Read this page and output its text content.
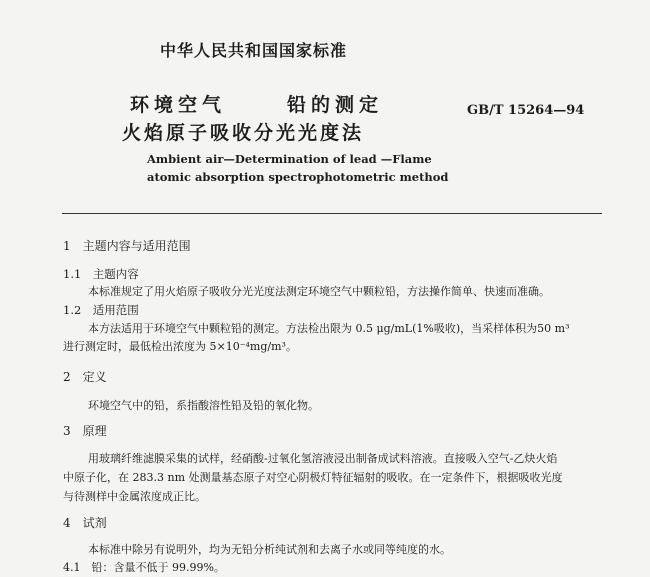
中华人民共和国国家标准
环境空气	铅的测定
火焰原子吸收分光光度法
GB/T 15264—94
Ambient air—Determination of lead —Flame
atomic absorption spectrophotometric method
1　主题内容与适用范围
1.1　主题内容
本标准规定了用火焰原子吸收分光光度法测定环境空气中颗粒铅，方法操作简单、快速而准确。
1.2　适用范围
本方法适用于环境空气中颗粒铅的测定。方法检出限为 0.5 μg/mL(1%吸收)，当采样体积为50 m³
进行测定时，最低检出浓度为 5×10⁻⁴mg/m³。
2　定义
环境空气中的铅，系指酸溶性铅及铅的氧化物。
3　原理
用玻璃纤维滤膜采集的试样，经硝酸-过氧化氢溶液浸出制备成试料溶液。直接吸入空气-乙炔火焰
中原子化，在 283.3 nm 处测量基态原子对空心阴极灯特征辐射的吸收。在一定条件下，根据吸收光度
与待测样中金属浓度成正比。
4　试剂
本标准中除另有说明外，均为无铅分析纯试剂和去离子水或同等纯度的水。
4.1　铅：含量不低于 99.99%。
